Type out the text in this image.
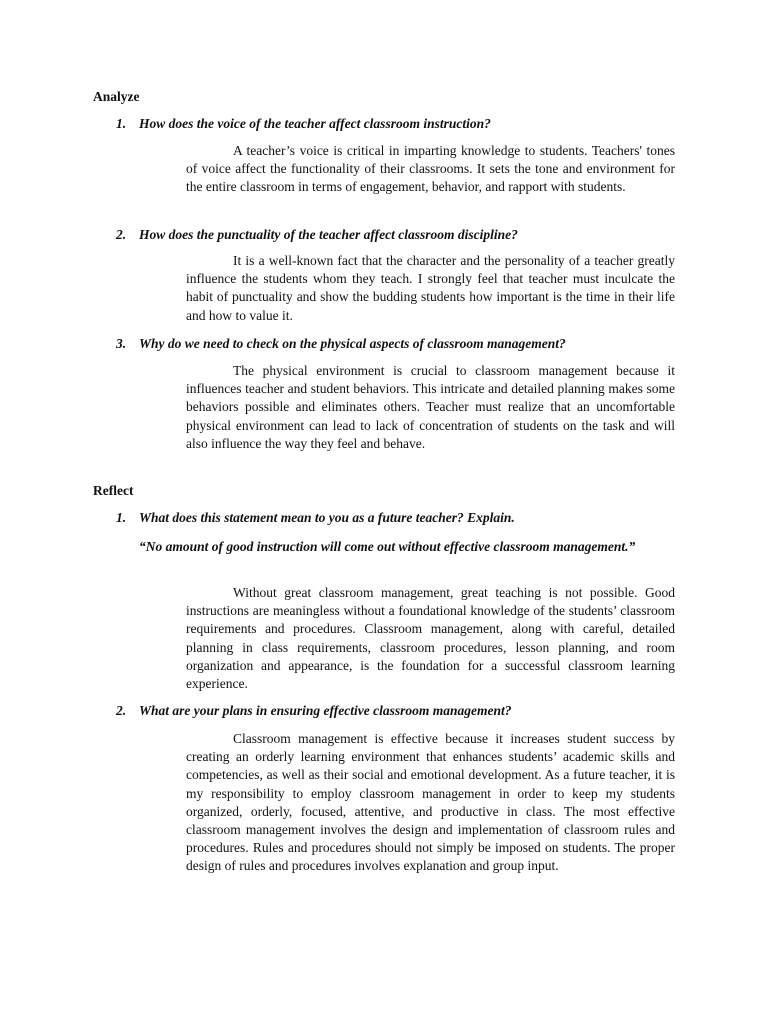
Analyze
1. How does the voice of the teacher affect classroom instruction?

A teacher’s voice is critical in imparting knowledge to students. Teachers' tones of voice affect the functionality of their classrooms. It sets the tone and environment for the entire classroom in terms of engagement, behavior, and rapport with students.

2. How does the punctuality of the teacher affect classroom discipline?

It is a well-known fact that the character and the personality of a teacher greatly influence the students whom they teach. I strongly feel that teacher must inculcate the habit of punctuality and show the budding students how important is the time in their life and how to value it.

3. Why do we need to check on the physical aspects of classroom management?

The physical environment is crucial to classroom management because it influences teacher and student behaviors. This intricate and detailed planning makes some behaviors possible and eliminates others. Teacher must realize that an uncomfortable physical environment can lead to lack of concentration of students on the task and will also influence the way they feel and behave.

Reflect
1. What does this statement mean to you as a future teacher? Explain.
“No amount of good instruction will come out without effective classroom management.”

Without great classroom management, great teaching is not possible. Good instructions are meaningless without a foundational knowledge of the students’ classroom requirements and procedures. Classroom management, along with careful, detailed planning in class requirements, classroom procedures, lesson planning, and room organization and appearance, is the foundation for a successful classroom learning experience.

2. What are your plans in ensuring effective classroom management?

Classroom management is effective because it increases student success by creating an orderly learning environment that enhances students’ academic skills and competencies, as well as their social and emotional development. As a future teacher, it is my responsibility to employ classroom management in order to keep my students organized, orderly, focused, attentive, and productive in class. The most effective classroom management involves the design and implementation of classroom rules and procedures. Rules and procedures should not simply be imposed on students. The proper design of rules and procedures involves explanation and group input.
